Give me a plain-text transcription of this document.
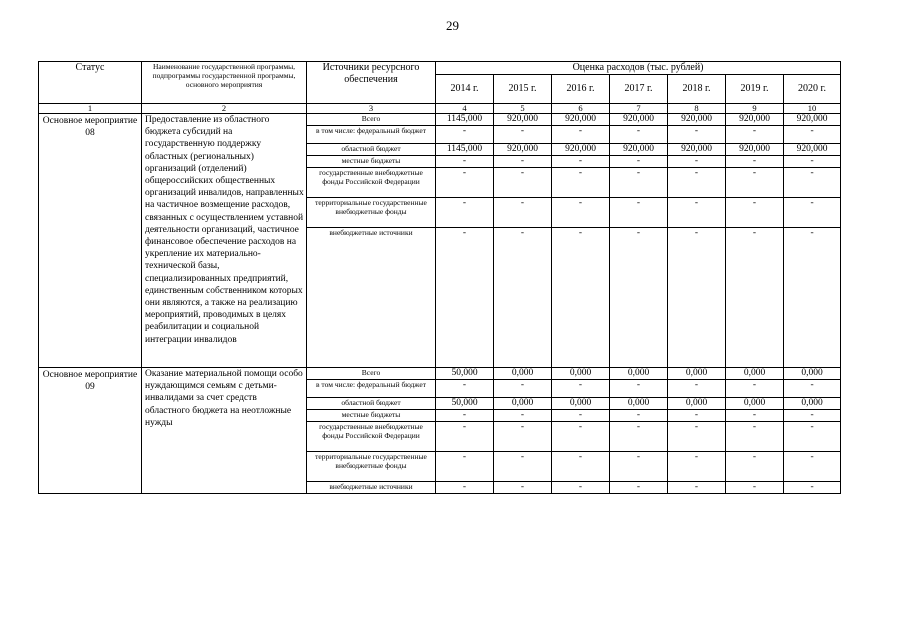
29
Статус	Наименование государственной программы, подпрограммы государственной программы, основного мероприятия	Источники ресурсного обеспечения	Оценка расходов (тыс. рублей)						
			2014 г.	2015 г.	2016 г.	2017 г.	2018 г.	2019 г.	2020 г.
1	2	3	4	5	6	7	8	9	10
Основное мероприятие 08	Предоставление из областного бюджета субсидий на государственную поддержку областных (региональных) организаций (отделений) общероссийских общественных организаций инвалидов, направленных на частичное возмещение расходов, связанных с осуществлением уставной деятельности организаций, частичное финансовое обеспечение расходов на укрепление их материально-технической базы, специализированных предприятий, единственным собственником которых они являются, а также на реализацию мероприятий, проводимых в целях реабилитации и социальной интеграции инвалидов	Всего	1145,000	920,000	920,000	920,000	920,000	920,000	920,000
		в том числе: федеральный бюджет	-	-	-	-	-	-	-
		областной бюджет	1145,000	920,000	920,000	920,000	920,000	920,000	920,000
		местные бюджеты	-	-	-	-	-	-	-
		государственные внебюджетные фонды Российской Федерации	-	-	-	-	-	-	-
		территориальные государственные внебюджетные фонды	-	-	-	-	-	-	-
		внебюджетные источники	-	-	-	-	-	-	-
Основное мероприятие 09	Оказание материальной помощи особо нуждающимся семьям с детьми-инвалидами за счет средств областного бюджета на неотложные нужды	Всего	50,000	0,000	0,000	0,000	0,000	0,000	0,000
		в том числе: федеральный бюджет	-	-	-	-	-	-	-
		областной бюджет	50,000	0,000	0,000	0,000	0,000	0,000	0,000
		местные бюджеты	-	-	-	-	-	-	-
		государственные внебюджетные фонды Российской Федерации	-	-	-	-	-	-	-
		территориальные государственные внебюджетные фонды	-	-	-	-	-	-	-
		внебюджетные источники	-	-	-	-	-	-	-
